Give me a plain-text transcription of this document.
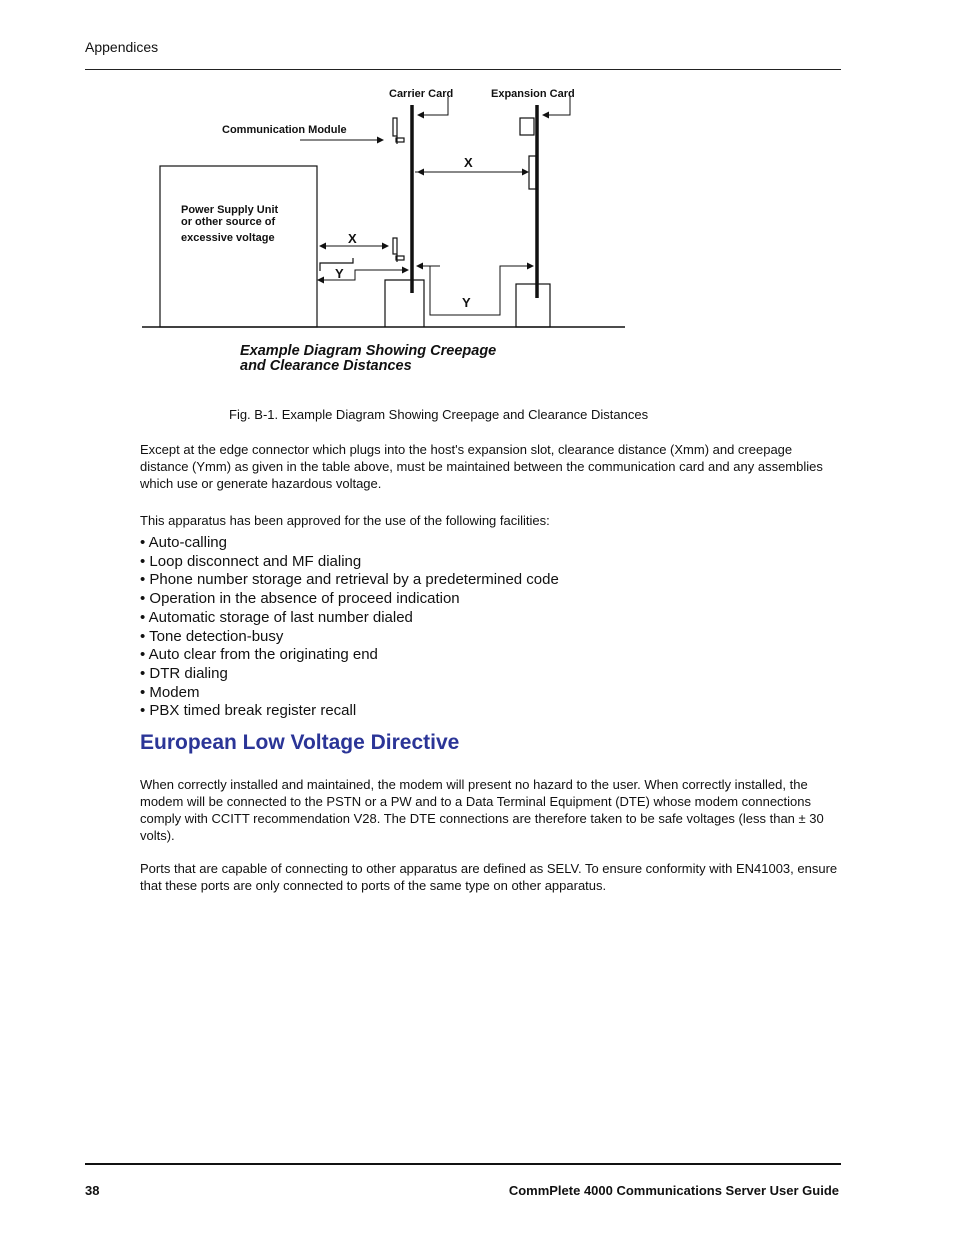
Appendices
Carrier Card	Expansion Card
Communication Module
Power Supply Unit
or other source of
excessive voltage
X
X
Y
Y
Example Diagram Showing Creepage
and Clearance Distances
Fig. B-1. Example Diagram Showing Creepage and Clearance Distances
Except at the edge connector which plugs into the host's expansion slot, clearance distance (Xmm) and creepage distance (Ymm) as given in the table above, must be maintained between the communication card and any assemblies which use or generate hazardous voltage.
This apparatus has been approved for the use of the following facilities:
• Auto-calling
• Loop disconnect and MF dialing
• Phone number storage and retrieval by a predetermined code
• Operation in the absence of proceed indication
• Automatic storage of last number dialed
• Tone detection-busy
• Auto clear from the originating end
• DTR dialing
• Modem
• PBX timed break register recall
European Low Voltage Directive
When correctly installed and maintained, the modem will present no hazard to the user. When correctly installed, the modem will be connected to the PSTN or a PW and to a Data Terminal Equipment (DTE) whose modem connections comply with CCITT recommendation V28. The DTE connections are therefore taken to be safe voltages (less than ± 30 volts).
Ports that are capable of connecting to other apparatus are defined as SELV. To ensure conformity with EN41003, ensure that these ports are only connected to ports of the same type on other apparatus.
38	CommPlete 4000 Communications Server User Guide
